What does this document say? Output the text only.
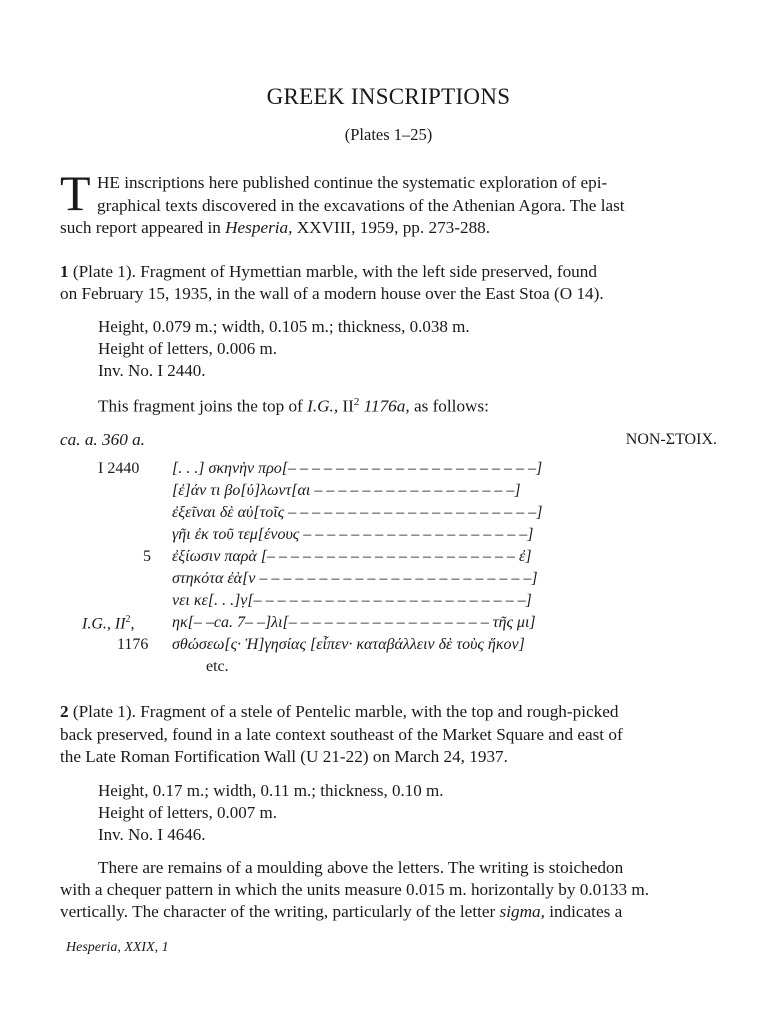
GREEK INSCRIPTIONS
(Plates 1–25)
T HE inscriptions here published continue the systematic exploration of epi-
graphical texts discovered in the excavations of the Athenian Agora. The last
such report appeared in Hesperia, XXVIII, 1959, pp. 273-288.
1 (Plate 1). Fragment of Hymettian marble, with the left side preserved, found
on February 15, 1935, in the wall of a modern house over the East Stoa (O 14).
Height, 0.079 m.; width, 0.105 m.; thickness, 0.038 m.
Height of letters, 0.006 m.
Inv. No. I 2440.
This fragment joins the top of I.G., $II^2$ 1176a, as follows:
ca. a. 360 a.	NON-ΣΤΟΙΧ.
I 2440
5
I.G., $II^2$,
1176
[. . .] σκηνὴν προ[– – – – – – – – – – – – – – – – – – – – –]
[ἐ]άν τι βο[ύ]λωντ[αι – – – – – – – – – – – – – – – – –]
ἐξεῖναι δὲ αὐ[τοῖς – – – – – – – – – – – – – – – – – – – – –]
γῆι ἐκ τοῦ τεμ[ένους – – – – – – – – – – – – – – – – – – –]
ἐξίωσιν παρὰ [– – – – – – – – – – – – – – – – – – – – – ἐ]
στηκότα ἐὰ[ν – – – – – – – – – – – – – – – – – – – – – – –]
νει κε[. . .]ṿ[– – – – – – – – – – – – – – – – – – – – – – –]
ηκ[– –ca. 7– –]λι[– – – – – – – – – – – – – – – – – τῆς μι]
σθώσεω[ς· Ἡ]γησίας [εἶπεν· καταβάλλειν δὲ τοὺς ἥκον]
etc.
2 (Plate 1). Fragment of a stele of Pentelic marble, with the top and rough-picked
back preserved, found in a late context southeast of the Market Square and east of
the Late Roman Fortification Wall (U 21-22) on March 24, 1937.
Height, 0.17 m.; width, 0.11 m.; thickness, 0.10 m.
Height of letters, 0.007 m.
Inv. No. I 4646.
There are remains of a moulding above the letters. The writing is stoichedon
with a chequer pattern in which the units measure 0.015 m. horizontally by 0.0133 m.
vertically. The character of the writing, particularly of the letter sigma, indicates a
Hesperia, XXIX, 1
